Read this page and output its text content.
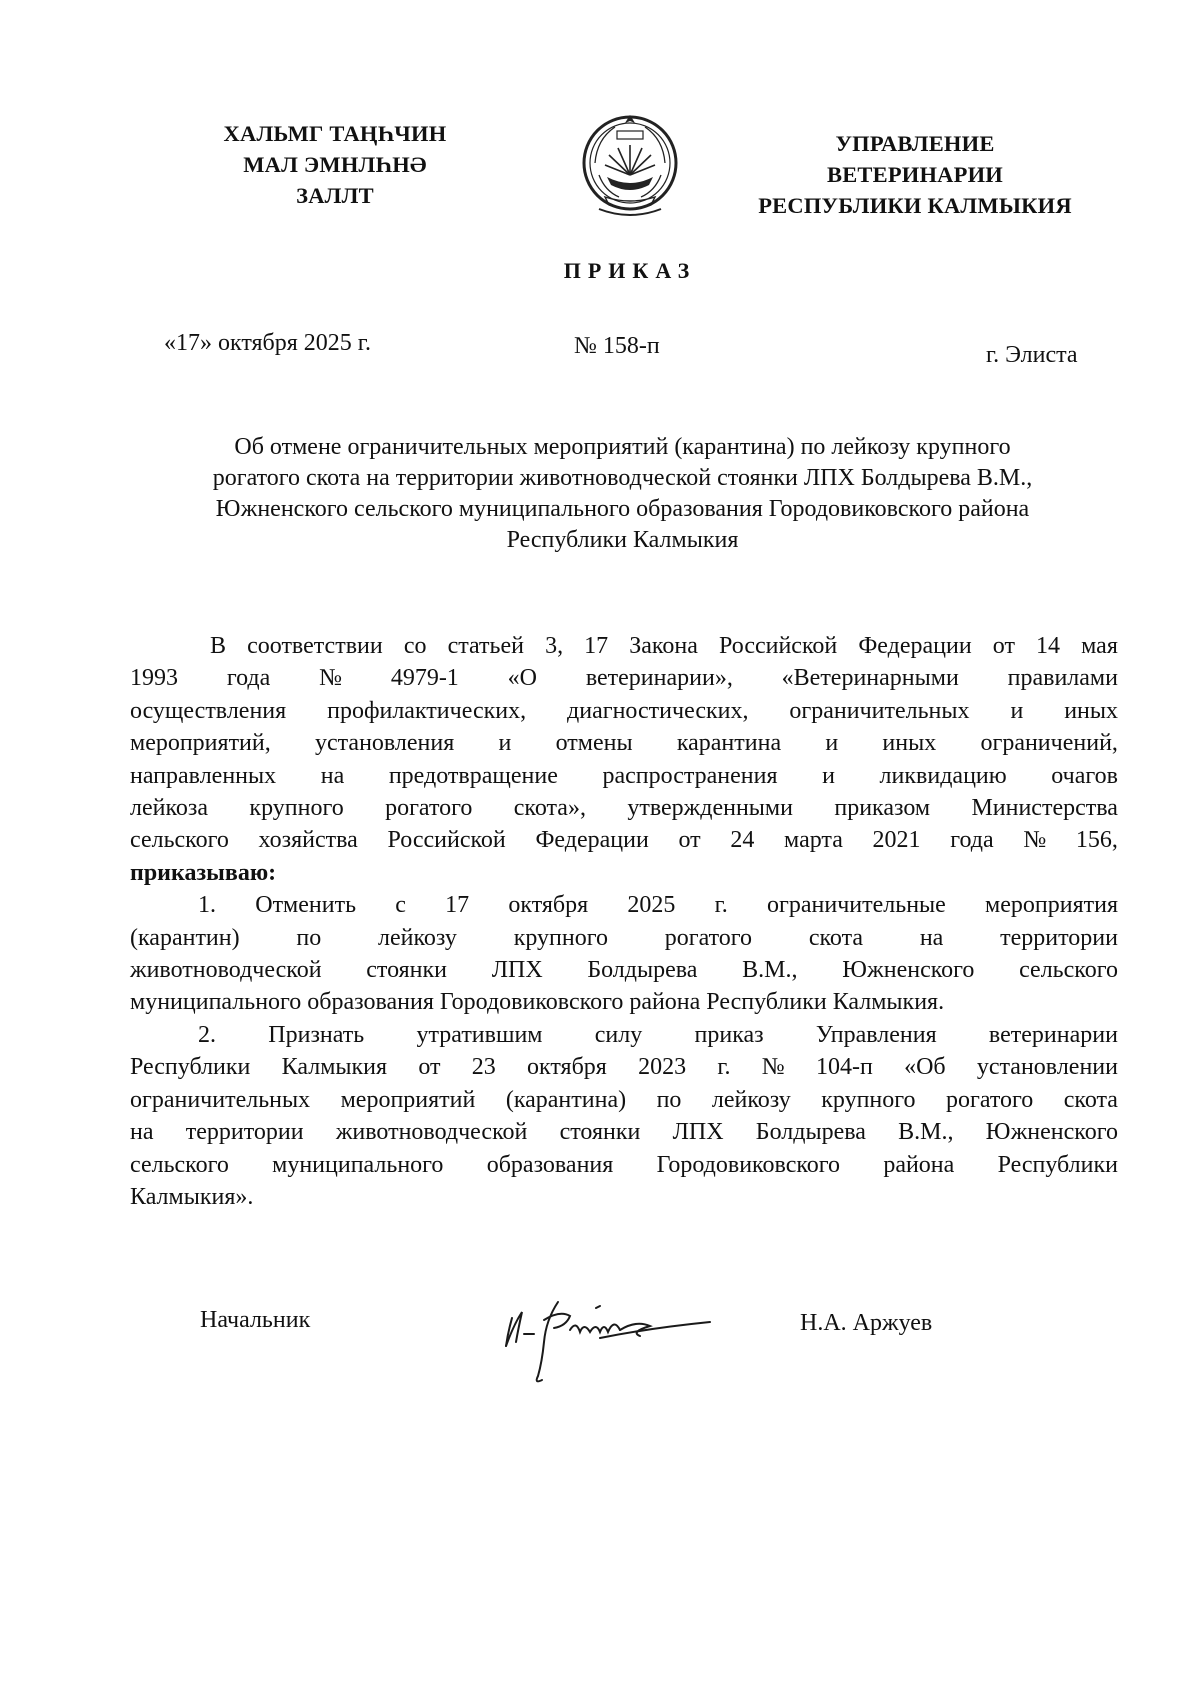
ХАЛЬМГ ТАҢҺЧИН
МАЛ ЭМНЛҺНӘ
ЗАЛЛТ
УПРАВЛЕНИЕ
ВЕТЕРИНАРИИ
РЕСПУБЛИКИ КАЛМЫКИЯ
ПРИКАЗ
«17» октября 2025 г.	№ 158-п	г. Элиста
Об отмене ограничительных мероприятий (карантина) по лейкозу крупного
рогатого скота на территории животноводческой стоянки ЛПХ Болдырева В.М.,
Южненского сельского муниципального образования Городовиковского района
Республики Калмыкия
В соответствии со статьей 3, 17 Закона Российской Федерации от 14 мая
1993 года № 4979-1 «О ветеринарии», «Ветеринарными правилами
осуществления профилактических, диагностических, ограничительных и иных
мероприятий, установления и отмены карантина и иных ограничений,
направленных на предотвращение распространения и ликвидацию очагов
лейкоза крупного рогатого скота», утвержденными приказом Министерства
сельского хозяйства Российской Федерации от 24 марта 2021 года № 156,
приказываю:
1. Отменить с 17 октября 2025 г. ограничительные мероприятия
(карантин) по лейкозу крупного рогатого скота на территории
животноводческой стоянки ЛПХ Болдырева В.М., Южненского сельского
муниципального образования Городовиковского района Республики Калмыкия.
2. Признать утратившим силу приказ Управления ветеринарии
Республики Калмыкия от 23 октября 2023 г. № 104-п «Об установлении
ограничительных мероприятий (карантина) по лейкозу крупного рогатого скота
на территории животноводческой стоянки ЛПХ Болдырева В.М., Южненского
сельского муниципального образования Городовиковского района Республики
Калмыкия».
Начальник	Н.А. Аржуев
